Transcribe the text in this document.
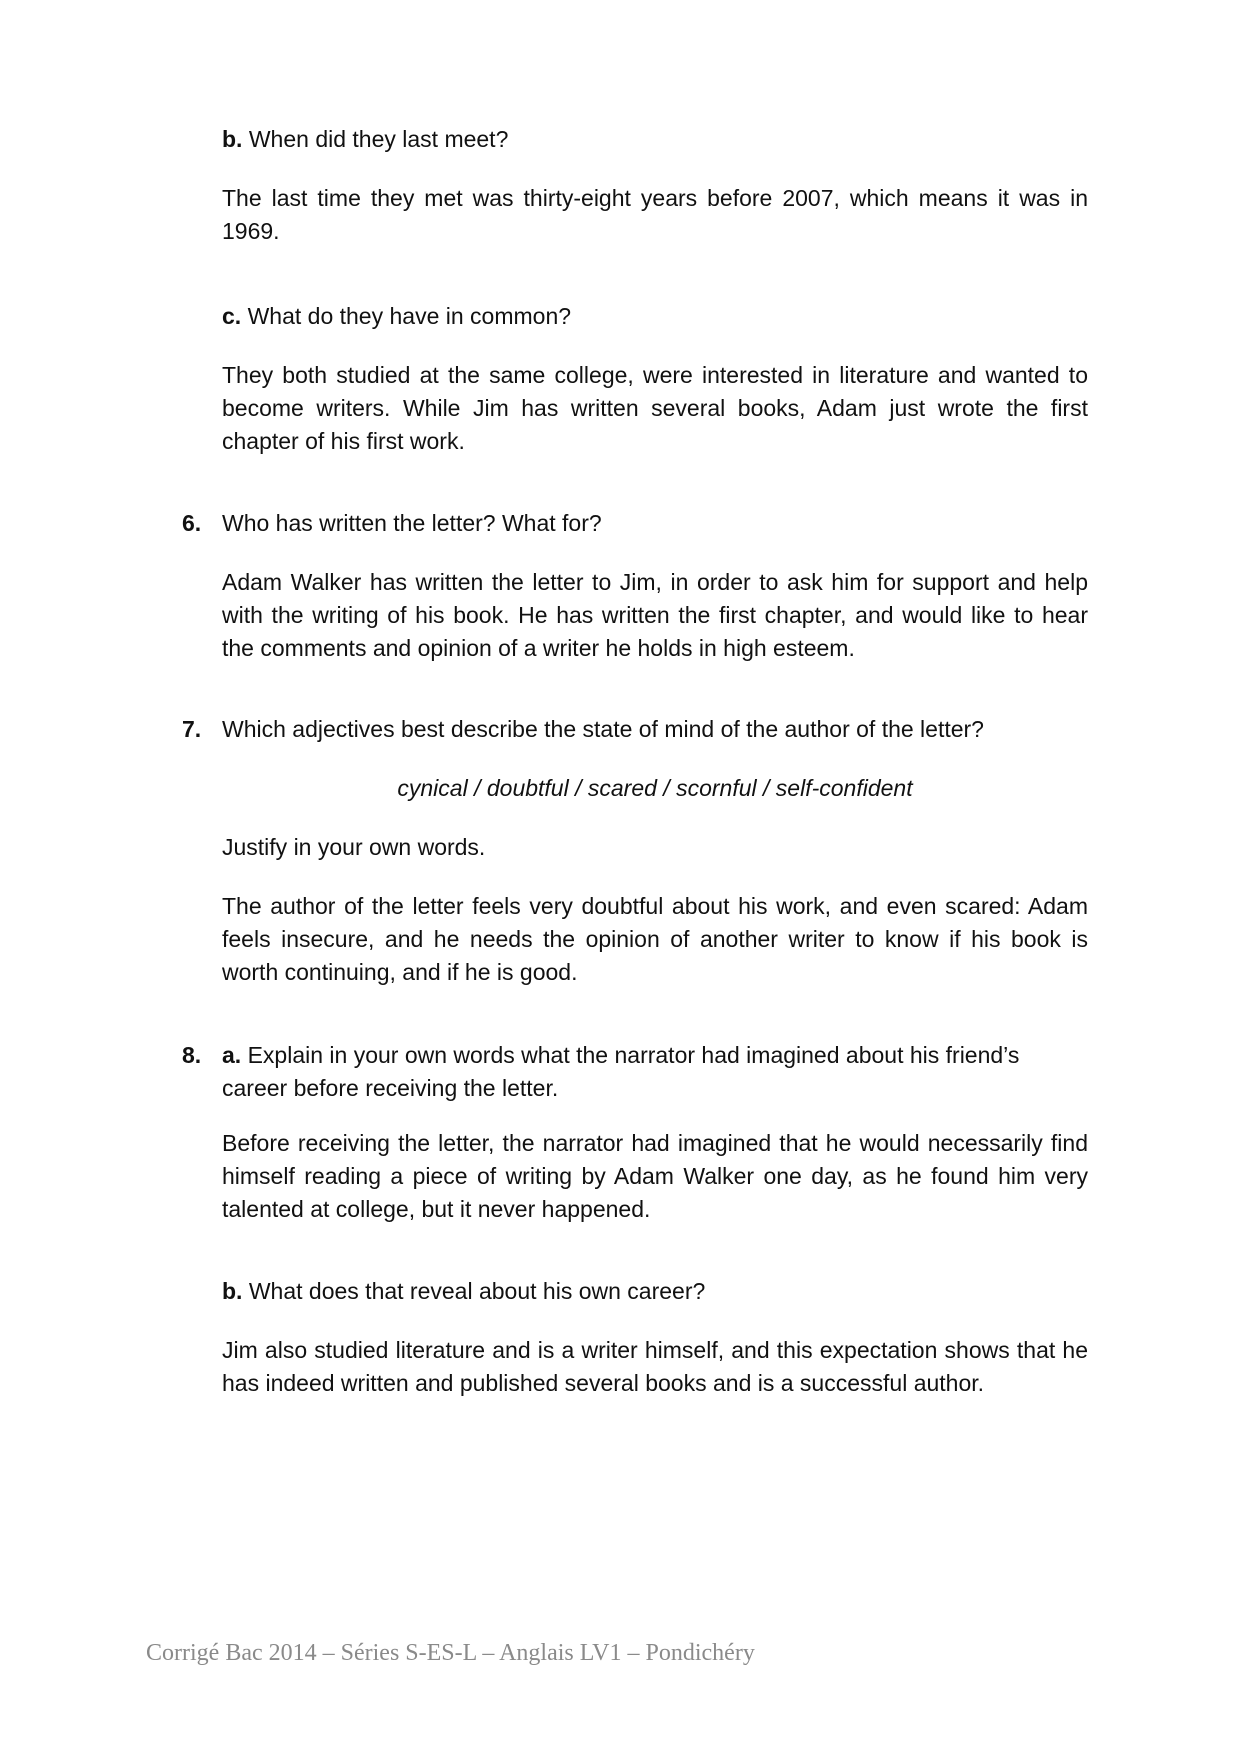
b. When did they last meet?

The last time they met was thirty-eight years before 2007, which means it was in 1969.

c. What do they have in common?

They both studied at the same college, were interested in literature and wanted to become writers. While Jim has written several books, Adam just wrote the first chapter of his first work.

6. Who has written the letter? What for?

Adam Walker has written the letter to Jim, in order to ask him for support and help with the writing of his book. He has written the first chapter, and would like to hear the comments and opinion of a writer he holds in high esteem.

7. Which adjectives best describe the state of mind of the author of the letter?

cynical / doubtful / scared / scornful / self-confident

Justify in your own words.

The author of the letter feels very doubtful about his work, and even scared: Adam feels insecure, and he needs the opinion of another writer to know if his book is worth continuing, and if he is good.

8. a. Explain in your own words what the narrator had imagined about his friend’s career before receiving the letter.

Before receiving the letter, the narrator had imagined that he would necessarily find himself reading a piece of writing by Adam Walker one day, as he found him very talented at college, but it never happened.

b. What does that reveal about his own career?

Jim also studied literature and is a writer himself, and this expectation shows that he has indeed written and published several books and is a successful author.

Corrigé Bac 2014 – Séries S-ES-L – Anglais LV1 – Pondichéry
